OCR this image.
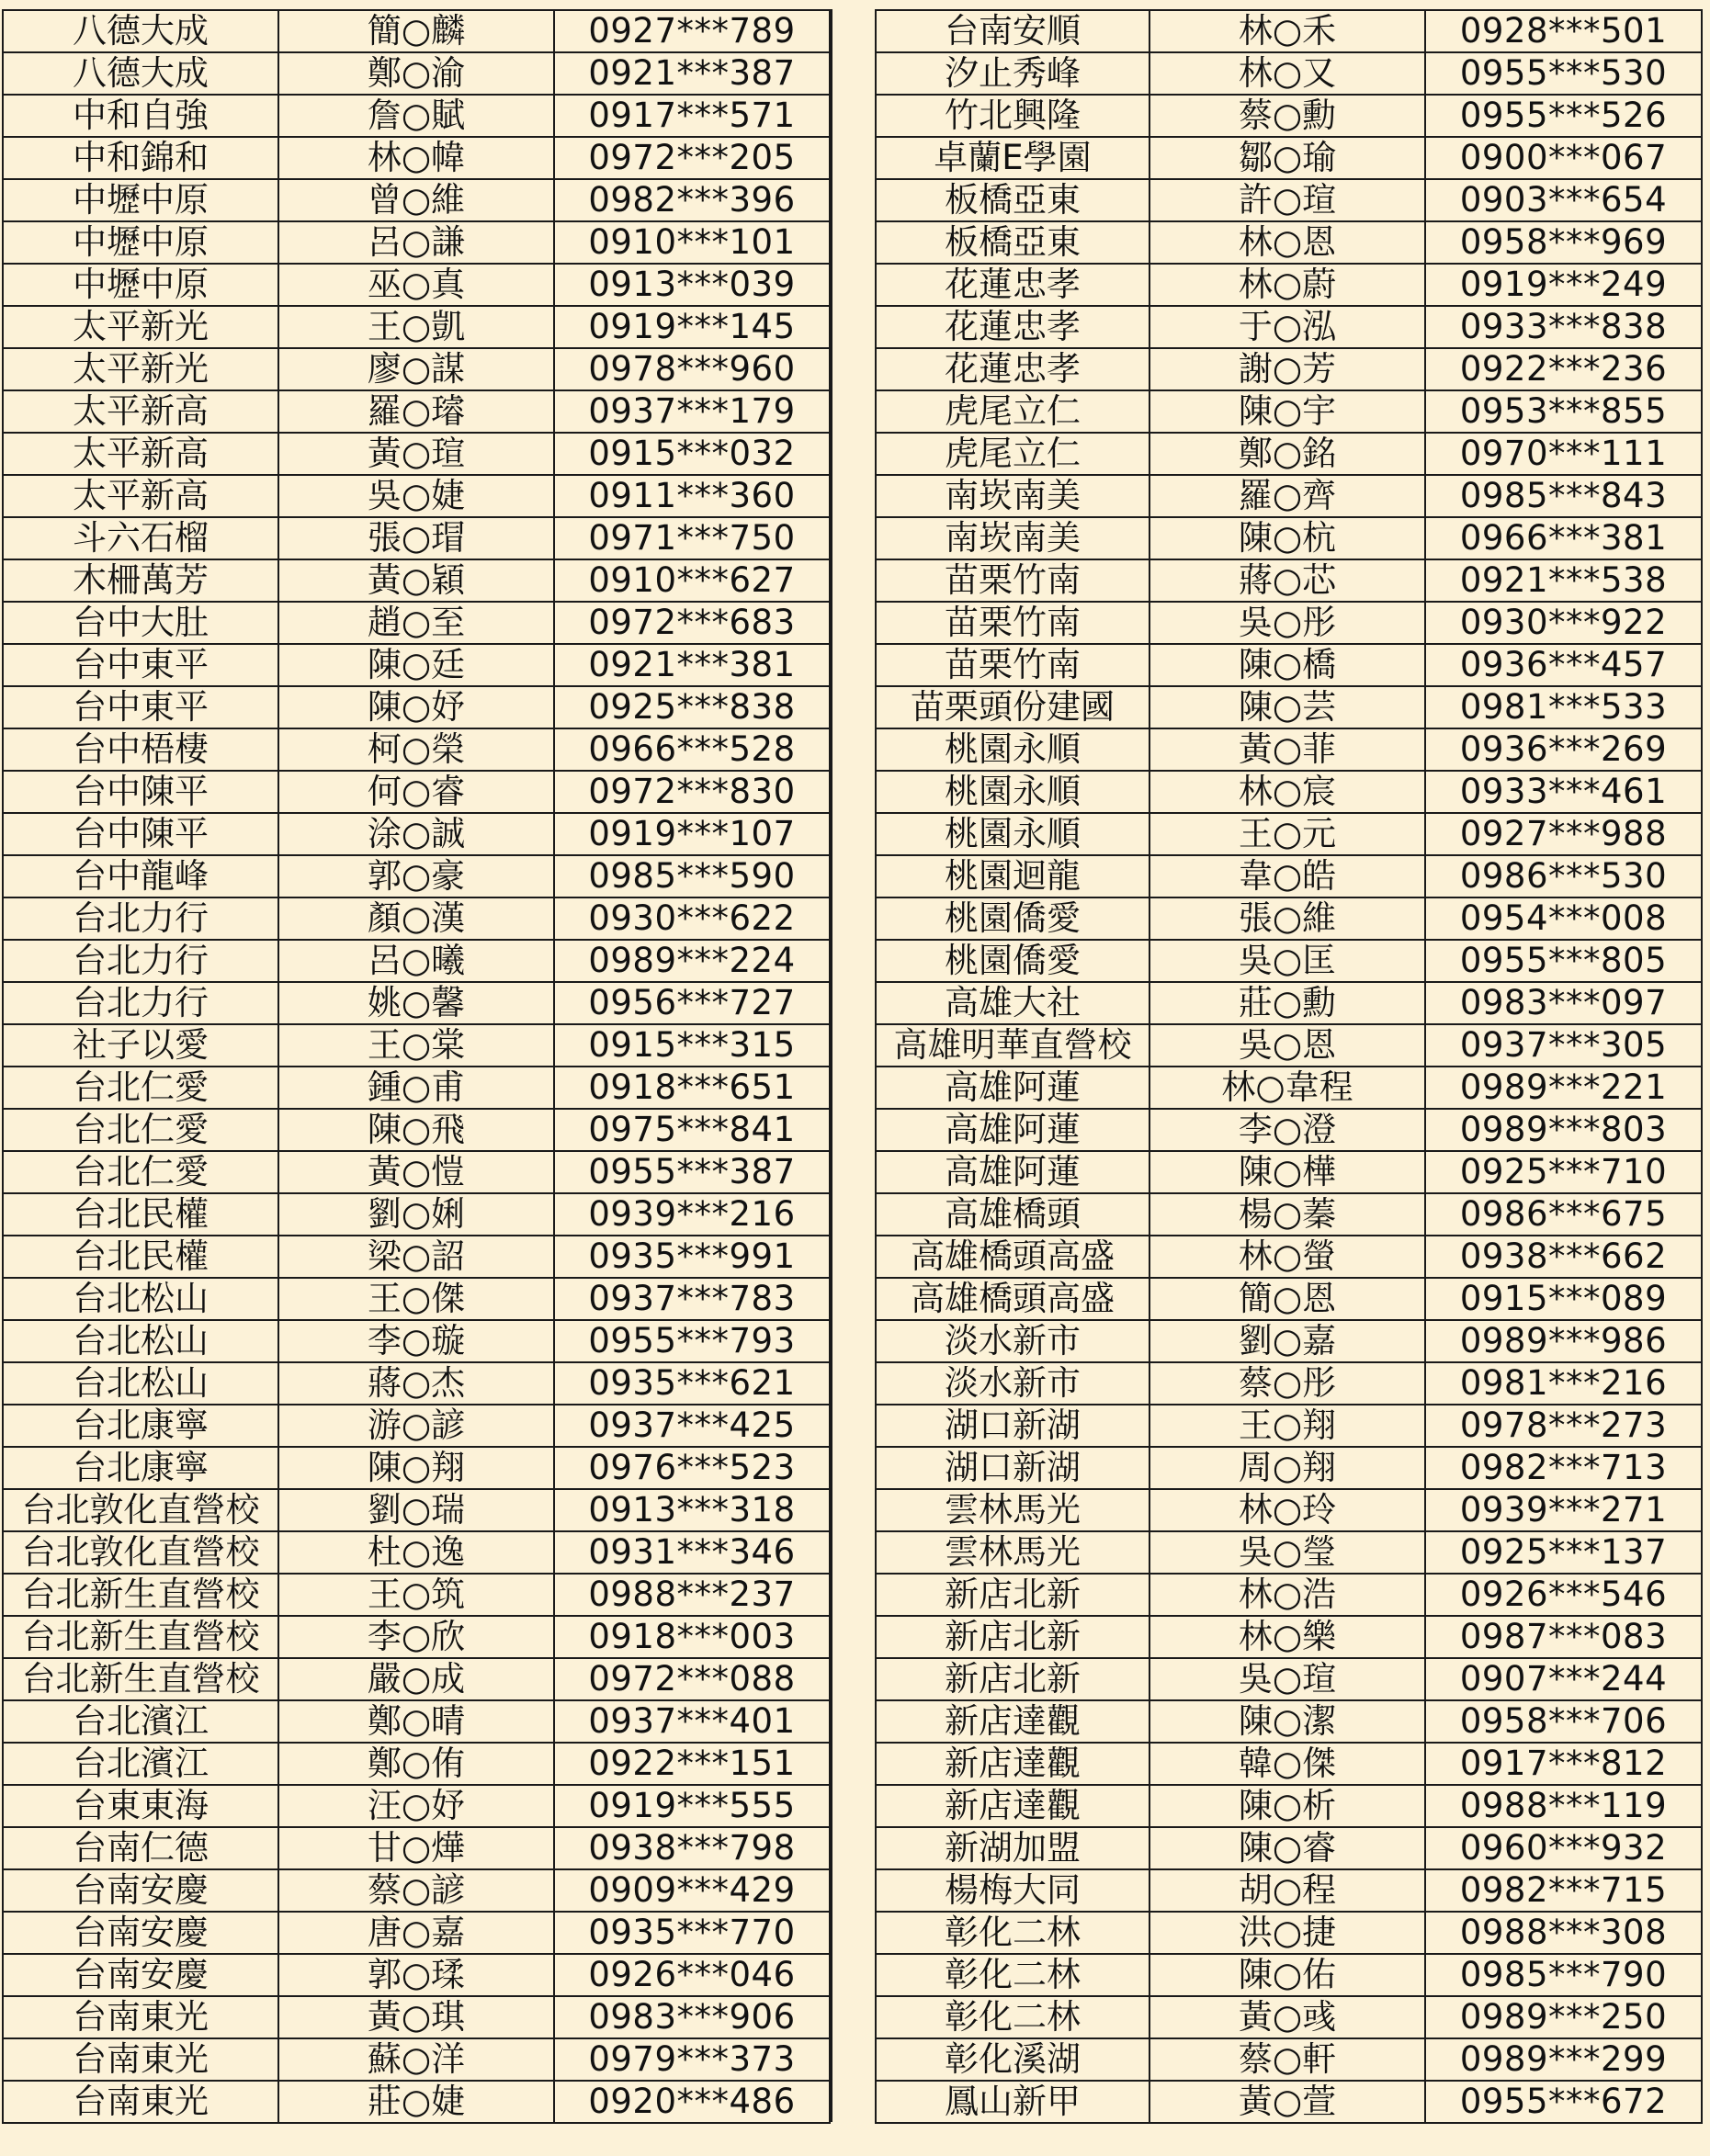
八德大成	簡○麟	0927***789
八德大成	鄭○渝	0921***387
中和自強	詹○賦	0917***571
中和錦和	林○幃	0972***205
中壢中原	曾○維	0982***396
中壢中原	呂○謙	0910***101
中壢中原	巫○真	0913***039
太平新光	王○凱	0919***145
太平新光	廖○謀	0978***960
太平新高	羅○璿	0937***179
太平新高	黃○瑄	0915***032
太平新高	吳○婕	0911***360
斗六石榴	張○瑁	0971***750
木柵萬芳	黃○穎	0910***627
台中大肚	趙○至	0972***683
台中東平	陳○廷	0921***381
台中東平	陳○妤	0925***838
台中梧棲	柯○榮	0966***528
台中陳平	何○睿	0972***830
台中陳平	涂○誠	0919***107
台中龍峰	郭○豪	0985***590
台北力行	顏○漢	0930***622
台北力行	呂○曦	0989***224
台北力行	姚○馨	0956***727
社子以愛	王○棠	0915***315
台北仁愛	鍾○甫	0918***651
台北仁愛	陳○飛	0975***841
台北仁愛	黃○愷	0955***387
台北民權	劉○娳	0939***216
台北民權	梁○詔	0935***991
台北松山	王○傑	0937***783
台北松山	李○璇	0955***793
台北松山	蔣○杰	0935***621
台北康寧	游○諺	0937***425
台北康寧	陳○翔	0976***523
台北敦化直營校	劉○瑞	0913***318
台北敦化直營校	杜○逸	0931***346
台北新生直營校	王○筑	0988***237
台北新生直營校	李○欣	0918***003
台北新生直營校	嚴○成	0972***088
台北濱江	鄭○晴	0937***401
台北濱江	鄭○侑	0922***151
台東東海	汪○妤	0919***555
台南仁德	甘○燁	0938***798
台南安慶	蔡○諺	0909***429
台南安慶	唐○嘉	0935***770
台南安慶	郭○瑈	0926***046
台南東光	黃○琪	0983***906
台南東光	蘇○洋	0979***373
台南東光	莊○婕	0920***486
台南安順	林○禾	0928***501
汐止秀峰	林○又	0955***530
竹北興隆	蔡○勳	0955***526
卓蘭E學園	鄒○瑜	0900***067
板橋亞東	許○瑄	0903***654
板橋亞東	林○恩	0958***969
花蓮忠孝	林○蔚	0919***249
花蓮忠孝	于○泓	0933***838
花蓮忠孝	謝○芳	0922***236
虎尾立仁	陳○宇	0953***855
虎尾立仁	鄭○銘	0970***111
南崁南美	羅○齊	0985***843
南崁南美	陳○杭	0966***381
苗栗竹南	蔣○芯	0921***538
苗栗竹南	吳○彤	0930***922
苗栗竹南	陳○橋	0936***457
苗栗頭份建國	陳○芸	0981***533
桃園永順	黃○菲	0936***269
桃園永順	林○宸	0933***461
桃園永順	王○元	0927***988
桃園迴龍	韋○皓	0986***530
桃園僑愛	張○維	0954***008
桃園僑愛	吳○匡	0955***805
高雄大社	莊○勳	0983***097
高雄明華直營校	吳○恩	0937***305
高雄阿蓮	林○韋程	0989***221
高雄阿蓮	李○澄	0989***803
高雄阿蓮	陳○樺	0925***710
高雄橋頭	楊○蓁	0986***675
高雄橋頭高盛	林○螢	0938***662
高雄橋頭高盛	簡○恩	0915***089
淡水新市	劉○嘉	0989***986
淡水新市	蔡○彤	0981***216
湖口新湖	王○翔	0978***273
湖口新湖	周○翔	0982***713
雲林馬光	林○玲	0939***271
雲林馬光	吳○瑩	0925***137
新店北新	林○浩	0926***546
新店北新	林○樂	0987***083
新店北新	吳○瑄	0907***244
新店達觀	陳○潔	0958***706
新店達觀	韓○傑	0917***812
新店達觀	陳○析	0988***119
新湖加盟	陳○睿	0960***932
楊梅大同	胡○程	0982***715
彰化二林	洪○捷	0988***308
彰化二林	陳○佑	0985***790
彰化二林	黃○彧	0989***250
彰化溪湖	蔡○軒	0989***299
鳳山新甲	黃○萱	0955***672
